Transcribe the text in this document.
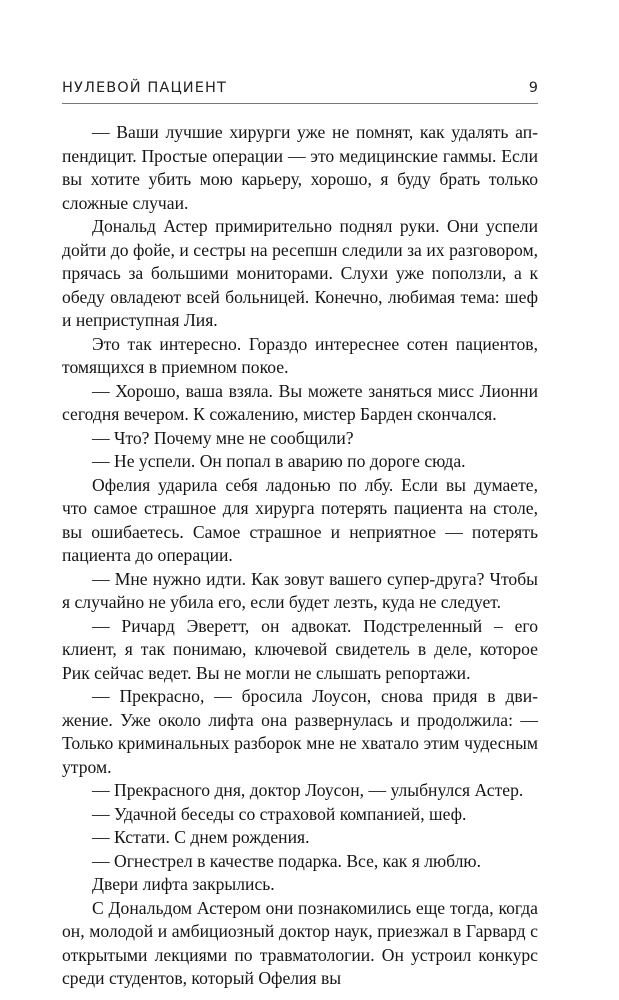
НУЛЕВОЙ ПАЦИЕНТ	9

— Ваши лучшие хирурги уже не помнят, как удалять аппендицит. Простые операции — это медицинские гаммы. Если вы хотите убить мою карьеру, хорошо, я буду брать только сложные случаи.

Дональд Астер примирительно поднял руки. Они успели дойти до фойе, и сестры на ресепшн следили за их разговором, прячась за большими мониторами. Слухи уже поползли, а к обеду овладеют всей больницей. Конечно, любимая тема: шеф и неприступная Лия.

Это так интересно. Гораздо интереснее сотен пациентов, томящихся в приемном покое.

— Хорошо, ваша взяла. Вы можете заняться мисс Лионни сегодня вечером. К сожалению, мистер Барден скончался.

— Что? Почему мне не сообщили?

— Не успели. Он попал в аварию по дороге сюда.

Офелия ударила себя ладонью по лбу. Если вы думаете, что самое страшное для хирурга потерять пациента на столе, вы ошибаетесь. Самое страшное и неприятное — потерять пациента до операции.

— Мне нужно идти. Как зовут вашего супер-друга? Чтобы я случайно не убила его, если будет лезть, куда не следует.

— Ричард Эверетт, он адвокат. Подстреленный – его клиент, я так понимаю, ключевой свидетель в деле, которое Рик сейчас ведет. Вы не могли не слышать репортажи.

— Прекрасно, — бросила Лоусон, снова придя в движение. Уже около лифта она развернулась и продолжила: — Только криминальных разборок мне не хватало этим чудесным утром.

— Прекрасного дня, доктор Лоусон, — улыбнулся Астер.

— Удачной беседы со страховой компанией, шеф.

— Кстати. С днем рождения.

— Огнестрел в качестве подарка. Все, как я люблю.

Двери лифта закрылись.

С Дональдом Астером они познакомились еще тогда, когда он, молодой и амбициозный доктор наук, приезжал в Гарвард с открытыми лекциями по травматологии. Он устроил конкурс среди студентов, который Офелия вы
